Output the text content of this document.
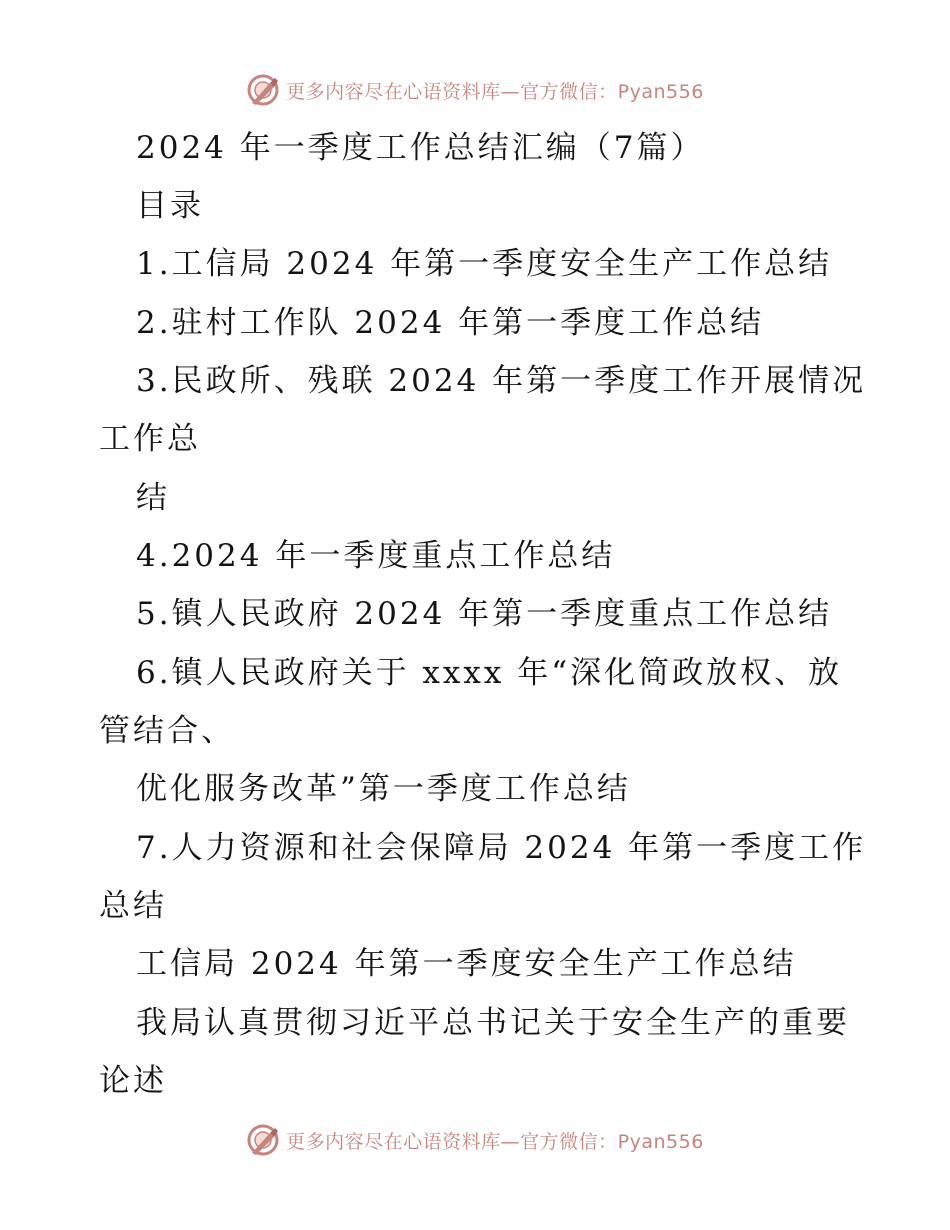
更多内容尽在心语资料库—官方微信：Pyan556
2024 年一季度工作总结汇编（7篇）
目录
1.工信局 2024 年第一季度安全生产工作总结
2.驻村工作队 2024 年第一季度工作总结
3.民政所、残联 2024 年第一季度工作开展情况
工作总
结
4.2024 年一季度重点工作总结
5.镇人民政府 2024 年第一季度重点工作总结
6.镇人民政府关于 xxxx 年“深化简政放权、放
管结合、
优化服务改革”第一季度工作总结
7.人力资源和社会保障局 2024 年第一季度工作
总结
工信局 2024 年第一季度安全生产工作总结
我局认真贯彻习近平总书记关于安全生产的重要
论述
更多内容尽在心语资料库—官方微信：Pyan556
